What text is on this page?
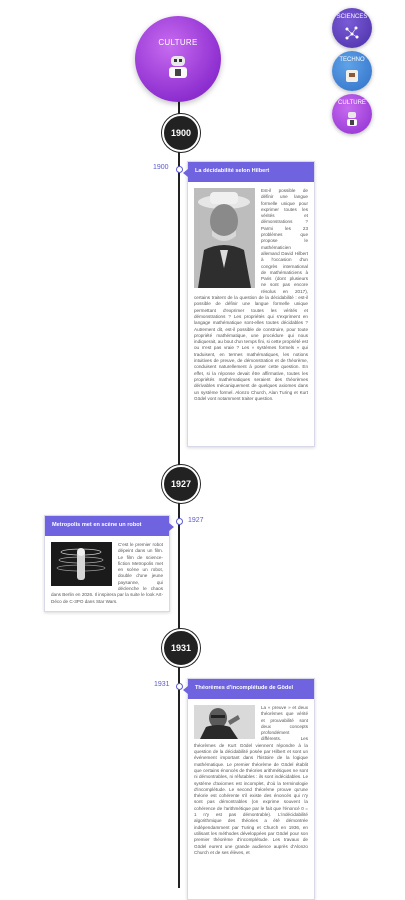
CULTURE
SCIENCES
TECHNO
CULTURE
1900
1900	La décidabilité selon Hilbert
Est-il possible de définir une langue formelle unique pour exprimer toutes les vérités et démonstrations ? Parmi les 23 problèmes que propose le mathématicien allemand David Hilbert à l'occasion d'un congrès international de mathématiciens à Paris (dont plusieurs ne sont pas encore résolus en 2017), certains traitent de la question de la décidabilité : est-il possible de définir une langue formelle unique permettant d'exprimer toutes les vérités et démonstrations ? Les propriétés qui s'expriment en langage mathématique sont-elles toutes décidables ? Autrement dit, est-il possible de construire, pour toute propriété mathématique, une procédure qui nous indiquerait, au bout d'un temps fini, si cette propriété est ou n'est pas vraie ? Les « systèmes formels » qui traduisent, en termes mathématiques, les notions intuitives de preuve, de démonstration et de théorème, conduisent naturellement à poser cette question. En effet, si la réponse devait être affirmative, toutes les propriétés mathématiques seraient des théorèmes dérivables mécaniquement de quelques axiomes dans un système formel. Alonzo Church, Alan Turing et Kurt Gödel vont notamment traiter question.
1927
1927
Metropolis met en scène un robot
C'est le premier robot dépeint dans un film. Le film de science-fiction Metropolis met en scène un robot, double d'une jeune paysanne, qui déclenche le chaos dans Berlin en 2026. Il inspirera par la suite le look Art-Déco de C-3PO dans Star Wars.
1931
1931	Théorèmes d'incomplétude de Gödel
La « preuve » et deux théorèmes que vérité et prouvabilité sont deux concepts profondément différents. Les théorèmes de Kurt Gödel viennent répondre à la question de la décidabilité posée par Hilbert et sont un événement important dans l'histoire de la logique mathématique. Le premier théorème de Gödel établit que certains énoncés de théories arithmétiques ne sont ni démontrables, ni réfutables : ils sont indécidables. Le système d'axiomes est incomplet, d'où la terminologie d'incomplétude. Le second théorème prouve qu'une théorie est cohérente s'il existe des énoncés qui n'y sont pas démontrables (on exprime souvent la cohérence de l'arithmétique par le fait que l'énoncé 0 = 1 n'y est pas démontrable). L'indécidabilité algorithmique des théories a été démontrée indépendamment par Turing et Church en 1936, en utilisant les méthodes développées par Gödel pour son premier théorème d'incomplétude. Les travaux de Gödel eurent une grande audience auprès d'Alonzo Church et de ses élèves, et
